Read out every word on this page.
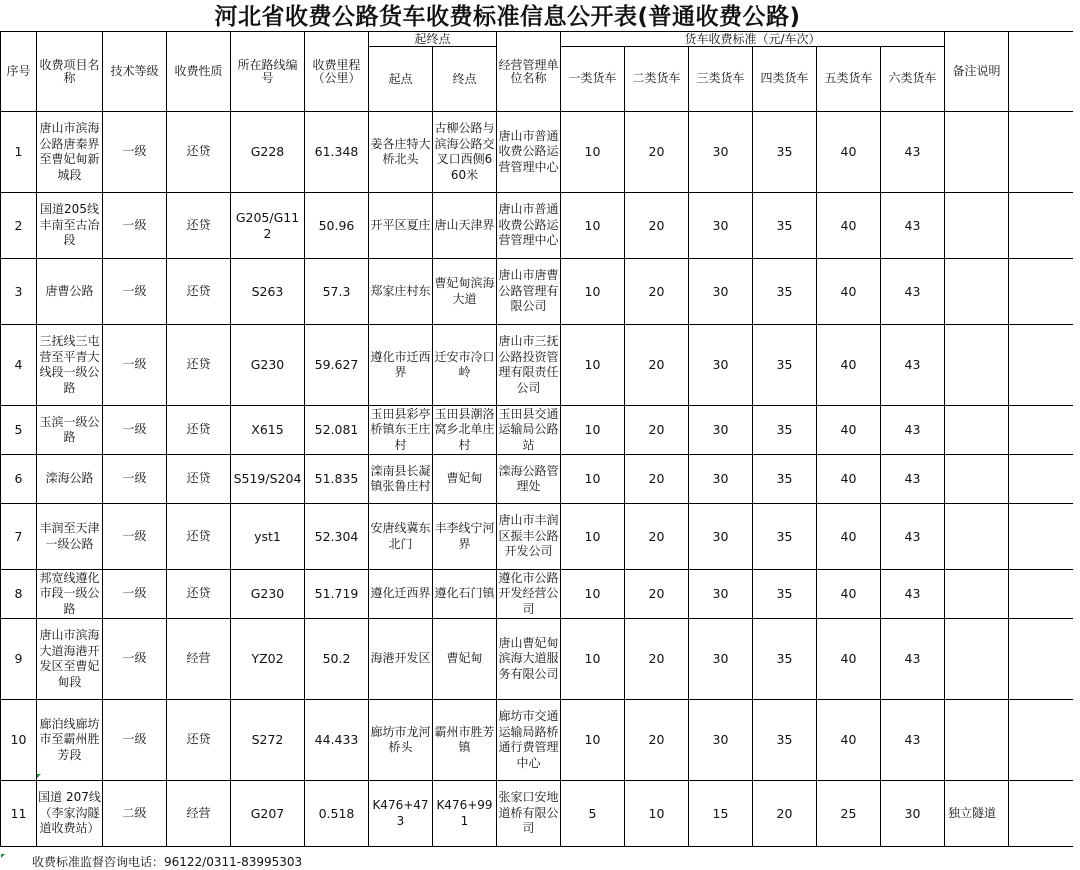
河北省收费公路货车收费标准信息公开表(普通收费公路)
序号	收费项目名称	技术等级	收费性质	所在路线编号	收费里程（公里）	起终点		经营管理单位名称	货车收费标准（元/车次）						备注说明	
						起点	终点		一类货车	二类货车	三类货车	四类货车	五类货车	六类货车		
1	唐山市滨海公路唐秦界至曹妃甸新城段	一级	还贷	G228	61.348	姜各庄特大桥北头	古柳公路与滨海公路交叉口西侧660米	唐山市普通收费公路运营管理中心	10	20	30	35	40	43		
2	国道205线丰南至古冶段	一级	还贷	G205/G112	50.96	开平区夏庄	唐山天津界	唐山市普通收费公路运营管理中心	10	20	30	35	40	43		
3	唐曹公路	一级	还贷	S263	57.3	郑家庄村东	曹妃甸滨海大道	唐山市唐曹公路管理有限公司	10	20	30	35	40	43		
4	三抚线三屯营至平青大线段一级公路	一级	还贷	G230	59.627	遵化市迁西界	迁安市冷口岭	唐山市三抚公路投资管理有限责任公司	10	20	30	35	40	43		
5	玉滨一级公路	一级	还贷	X615	52.081	玉田县彩亭桥镇东王庄村	玉田县潮洛窝乡北单庄村	玉田县交通运输局公路站	10	20	30	35	40	43		
6	滦海公路	一级	还贷	S519/S204	51.835	滦南县长凝镇张鲁庄村	曹妃甸	滦海公路管理处	10	20	30	35	40	43		
7	丰润至天津 一级公路	一级	还贷	yst1	52.304	安唐线冀东北门	丰李线宁河界	唐山市丰润区振丰公路开发公司	10	20	30	35	40	43		
8	邦宽线遵化市段一级公路	一级	还贷	G230	51.719	遵化迁西界	遵化石门镇	遵化市公路开发经营公司	10	20	30	35	40	43		
9	唐山市滨海大道海港开发区至曹妃甸段	一级	经营	YZ02	50.2	海港开发区	曹妃甸	唐山曹妃甸滨海大道服务有限公司	10	20	30	35	40	43		
10	廊泊线廊坊市至霸州胜芳段	一级	还贷	S272	44.433	廊坊市龙河桥头	霸州市胜芳镇	廊坊市交通运输局路桥通行费管理中心	10	20	30	35	40	43		
11	国道 207线（李家沟隧道收费站）	二级	经营	G207	0.518	K476+473	K476+991	张家口安地道桥有限公司	5	10	15	20	25	30	独立隧道	
收费标准监督咨询电话：96122/0311-83995303
